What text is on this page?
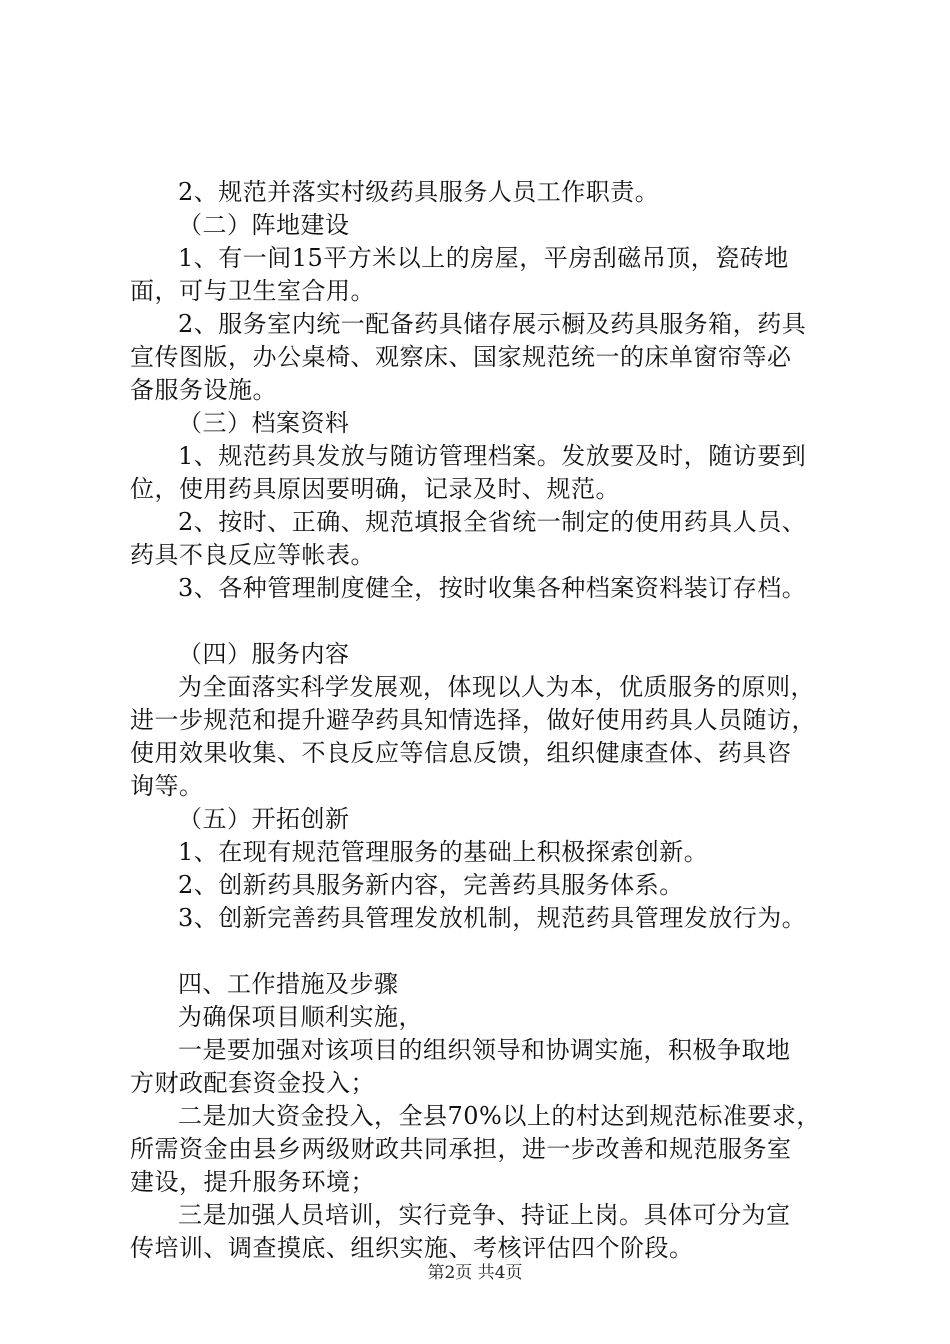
2、规范并落实村级药具服务人员工作职责。
（二）阵地建设
1、有一间15平方米以上的房屋，平房刮磁吊顶，瓷砖地
面，可与卫生室合用。
2、服务室内统一配备药具储存展示橱及药具服务箱，药具
宣传图版，办公桌椅、观察床、国家规范统一的床单窗帘等必
备服务设施。
（三）档案资料
1、规范药具发放与随访管理档案。发放要及时，随访要到
位，使用药具原因要明确，记录及时、规范。
2、按时、正确、规范填报全省统一制定的使用药具人员、
药具不良反应等帐表。
3、各种管理制度健全，按时收集各种档案资料装订存档。
（四）服务内容
为全面落实科学发展观，体现以人为本，优质服务的原则，
进一步规范和提升避孕药具知情选择，做好使用药具人员随访，
使用效果收集、不良反应等信息反馈，组织健康查体、药具咨
询等。
（五）开拓创新
1、在现有规范管理服务的基础上积极探索创新。
2、创新药具服务新内容，完善药具服务体系。
3、创新完善药具管理发放机制，规范药具管理发放行为。
四、工作措施及步骤
为确保项目顺利实施，
一是要加强对该项目的组织领导和协调实施，积极争取地
方财政配套资金投入；
二是加大资金投入，全县70%以上的村达到规范标准要求，
所需资金由县乡两级财政共同承担，进一步改善和规范服务室
建设，提升服务环境；
三是加强人员培训，实行竞争、持证上岗。具体可分为宣
传培训、调查摸底、组织实施、考核评估四个阶段。
第2页 共4页
